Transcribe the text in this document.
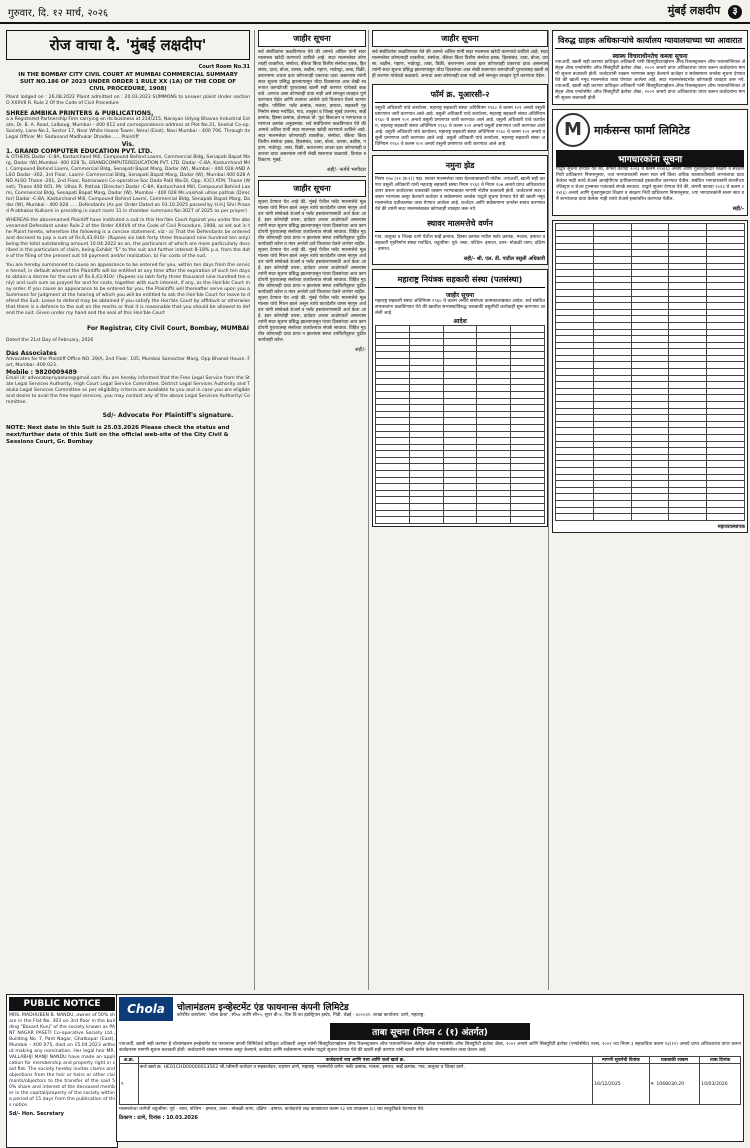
गुरुवार, दि. १२ मार्च, २०२६	मुंबई लक्षदीप ३
रोज वाचा दै. 'मुंबई लक्षदीप'
Court Room No.31
IN THE BOMBAY CITY CIVIL COURT AT MUMBAI COMMERCIAL SUMMARY SUIT NO.186 OF 2023 UNDER ORDER 1 RULE XX (1A) OF THE CODE OF CIVIL PROCEDURE, 1908)
Plaint lodged on : 26.08.2022 Plaint admitted on : 20.03.2023 SUMMONS to answer plaint Under section O XXXVII R. Rule 2 Of the Code of Civil Procedure
SHREE AMBIKA PRINTERS & PUBLICATIONS,
a a Registered Partnership Firm carrying on its business at 214/215, Narayan Udyog Bhavan Industrial Estate, Dr. B. A. Road, Lalbaug, Mumbai – 400 012 and correspondence address at Plot No.31, Snehal Co-op. Society, Lane No.1, Sector 17, Near White House Tower, Nerul (East), Navi Mumbai – 400 706. Through its Legal Officer Mr. Sadanand Madhukar Dhadke ..... Plaintiff
Vis.
1. GRAND COMPUTER EDUCATION PVT. LTD.
& OTHERS Dadar -C-8A, Kasturchand Mill, Compound Behind Laxmi, Commercial Bldg, Senapati Bapat Marg, Dadar (W),Mumbai- 400 028 To, GRANDCOMPUTEREDUCATION PVT. LTD. Dadar -C-8A, Kasturchand Mill, Compound Behind Laxmi, Commercial Bldg, Senapati Bapat Marg, Dadar (W), Mumbai - 400 028 AND ALSO Dadar -302, 3rd Floor, Laxmi- Commercial Bldg, Senapati Bapat Marg, Dadar (W), Mumbai 400 028 AND ALSO Thane -201, 2nd Floor, Ramanwori Co-operative Soc Dada Patil Wa-Di, Opp. ICICI ATM, Thane (West), Thane 400 601. Mr. Ulhas R. Pathak (Director) Dadar -C-8A, Kasturchand Mill, Compound Behind Laxmi, Commercial Bldg, Senapati Bapat Marg, Dadar (W), Mumbai - 400 028 Ms.vaishali ulhas pathak (Director) Dadar -C-8A, Kasturchand Mill, Compound Behind Laxmi, Commercial Bldg, Senapati Bapat Marg, Dadar (W), Mumbai - 400 028 ..... Defendants (As per Order Dated on 03.10.2025 passed by H.H.J Shri Prasad Prabhakar Kulkarni in presiding in court room 31 in chamber summons No:3027 of 2025 as per prayer)
WHEREAS the abovenamed Plaintiff have instituted a suit in this Hon'ble Court Against you under the abovenamed Defendant under Rule 2 of the Order XXXVII of the Code of Civil Procedure, 1908, as set out in the Plaint hereto, wherefore the following is a concise statement, viz:- a) That the Defendants be ordered and decreed to pay a sum of Rs.6,43,910/- (Rupees six lakh forty three thousand nine hundred ten only) being the total outstanding amount 10.04.2022 as on, the particulars of which are more particularly described in the particulars of claim, being Exhibit "E" to the suit and further interest 8-18% p.a. from the date of the filing of the present suit till payment and/or realization. b) For costs of the suit.
You are hereby summoned to cause an appearance to be entered for you, within ten days from the service hereof, in default whereof the Plaintiffs will be entitled at any time after the expiration of such ten days to obtain a decree for the sum of Rs.6,43,910/- (Rupees six lakh forty three thousand nine hundred ten only) and such sum as prayed for and for costs, together with such interest, if any, as the Hon'ble Court may order. If you cause an appearance to be entered for you, the Plaintiffs will thereafter serve upon you a Summons for Judgment at the hearing of which you will be entitled to ask the Hon'ble Court for leave to defend the Suit. Leave to defend may be obtained if you satisfy the Hon'ble Court by affidavit or otherwise that there is a defence to the suit on the merits or that it is reasonable that you should be allowed to defend the suit. Given under my hand and the seal of this Hon'ble Court
For Registrar, City Civil Court, Bombay, MUMBAI
Dated the 21st Day of February, 2026
Das Associates
Advocates for the Plaintiff Office NO. 29/A, 2nd Floor, 105, Mumbai Samachar Marg, Opp Bhanat House, Fort, Mumbai -400 023.
Mobile : 9820009489
Email id: advocatepriyaelure@gmail.com You are hereby informed that the Free Legal Service from the State Legal Services Authority, High Court Legal Service Committee, District Legal Services Authority and Taluka Legal Services Committee as per eligibility criteria are available to you and in case you are eligible and desire to avail the free legal services, you may contact any of the above Legal Services Authority/ Committee.
Sd/- Advocate For Plaintiff's signature.
NOTE: Next date in this Suit is 25.03.2026 Please check the status and next/further date of this Suit on the official web-site of the City Civil & Sessions Court, Gr. Bombay
जाहीर सूचना
सर्व संबंधितांना कळविण्यात येते की आमचे अशिल यांनी सदर मालमत्ता खरेदी करण्याचे ठरविले आहे. सदर मालमत्तेवर कोणत्याही व्यक्तीचा, संस्थेचा, बँकेचा किंवा वित्तीय संस्थेचा हक्क, हितसंबंध, दावा, बोजा, वारसा, बक्षीस, गहाण, भाडेपट्टा, ताबा, विक्री, करारनामा अथवा इतर कोणत्याही प्रकारचा दावा असल्यास त्यांनी सदर सूचना प्रसिद्ध झाल्यापासून चौदा दिवसांच्या आत लेखी स्वरूपात कागदोपत्री पुराव्यासह खाली सही करणार यांचेकडे कळवावे. अन्यथा असा कोणताही दावा नाही असे समजून व्यवहार पूर्ण करण्यात येईल आणि त्यानंतर आलेले दावे विचारात घेतले जाणार नाहीत. परिशिष्ट: फ्लॅट क्रमांक, मजला, इमारत, सहकारी गृहनिर्माण संस्था मर्यादित, गाव, तालुका व जिल्हा मुंबई उपनगर, सर्व्हे क्रमांक, हिस्सा क्रमांक, क्षेत्रफळ चौ. फूट बिल्टअप व भागधारक प्रमाणपत्र क्रमांक अनुक्रमांक. सर्व संबंधितांना कळविण्यात येते की आमचे अशिल यांनी सदर मालमत्ता खरेदी करण्याचे ठरविले आहे. सदर मालमत्तेवर कोणत्याही व्यक्तीचा, संस्थेचा, बँकेचा किंवा वित्तीय संस्थेचा हक्क, हितसंबंध, दावा, बोजा, वारसा, बक्षीस, गहाण, भाडेपट्टा, ताबा, विक्री, करारनामा अथवा इतर कोणत्याही प्रकारचा दावा असल्यास त्यांनी लेखी स्वरूपात कळवावे. दिनांक व ठिकाण: मुंबई.
सही/- फर्मचे भागीदार
जाहीर सूचना
सूचना देण्यात येत आहे की, मुंबई येथील फ्लॅट मालमत्तेचे मूळ मालक यांचे निधन झाले असून त्यांचे कायदेशीर वारस म्हणून अर्जदार यांनी संस्थेकडे शेअर्स व फ्लॅट हस्तांतरणासाठी अर्ज केला आहे. इतर कोणतेही वारस, दावेदार अथवा आक्षेपकर्ते असल्यास त्यांनी सदर सूचना प्रसिद्ध झाल्यापासून पंधरा दिवसांच्या आत कागदोपत्री पुराव्यासह संस्थेच्या कार्यालयात संपर्क साधावा. विहित मुदतीत कोणताही दावा प्राप्त न झाल्यास संस्था उपविधीनुसार पुढील कार्यवाही करेल व नंतर आलेले दावे विचारात घेतले जाणार नाहीत. सूचना देण्यात येत आहे की, मुंबई येथील फ्लॅट मालमत्तेचे मूळ मालक यांचे निधन झाले असून त्यांचे कायदेशीर वारस म्हणून अर्जदार यांनी संस्थेकडे शेअर्स व फ्लॅट हस्तांतरणासाठी अर्ज केला आहे. इतर कोणतेही वारस, दावेदार अथवा आक्षेपकर्ते असल्यास त्यांनी सदर सूचना प्रसिद्ध झाल्यापासून पंधरा दिवसांच्या आत कागदोपत्री पुराव्यासह संस्थेच्या कार्यालयात संपर्क साधावा. विहित मुदतीत कोणताही दावा प्राप्त न झाल्यास संस्था उपविधीनुसार पुढील कार्यवाही करेल व नंतर आलेले दावे विचारात घेतले जाणार नाहीत. सूचना देण्यात येत आहे की, मुंबई येथील फ्लॅट मालमत्तेचे मूळ मालक यांचे निधन झाले असून त्यांचे कायदेशीर वारस म्हणून अर्जदार यांनी संस्थेकडे शेअर्स व फ्लॅट हस्तांतरणासाठी अर्ज केला आहे. इतर कोणतेही वारस, दावेदार अथवा आक्षेपकर्ते असल्यास त्यांनी सदर सूचना प्रसिद्ध झाल्यापासून पंधरा दिवसांच्या आत कागदोपत्री पुराव्यासह संस्थेच्या कार्यालयात संपर्क साधावा. विहित मुदतीत कोणताही दावा प्राप्त न झाल्यास संस्था उपविधीनुसार पुढील कार्यवाही करेल.
सही/-
जाहीर सूचना
सर्व संबंधितांना कळविण्यात येते की आमचे अशिल यांनी सदर मालमत्ता खरेदी करण्याचे ठरविले आहे. सदर मालमत्तेवर कोणत्याही व्यक्तीचा, संस्थेचा, बँकेचा किंवा वित्तीय संस्थेचा हक्क, हितसंबंध, दावा, बोजा, वारसा, बक्षीस, गहाण, भाडेपट्टा, ताबा, विक्री, करारनामा अथवा इतर कोणत्याही प्रकारचा दावा असल्यास त्यांनी सदर सूचना प्रसिद्ध झाल्यापासून चौदा दिवसांच्या आत लेखी स्वरूपात कागदोपत्री पुराव्यासह खाली सही करणार यांचेकडे कळवावे. अन्यथा असा कोणताही दावा नाही असे समजून व्यवहार पूर्ण करण्यात येईल.
फॉर्म क्र. यूआरसी-२
वसुली अधिकारी यांचे कार्यालय, महाराष्ट्र सहकारी संस्था अधिनियम १९६० चे कलम १०१ अन्वये वसुली प्रमाणपत्र जारी करण्यात आले आहे. वसुली अधिकारी यांचे कार्यालय, महाराष्ट्र सहकारी संस्था अधिनियम १९६० चे कलम १०१ अन्वये वसुली प्रमाणपत्र जारी करण्यात आले आहे. वसुली अधिकारी यांचे कार्यालय, महाराष्ट्र सहकारी संस्था अधिनियम १९६० चे कलम १०१ अन्वये वसुली प्रमाणपत्र जारी करण्यात आले आहे. वसुली अधिकारी यांचे कार्यालय, महाराष्ट्र सहकारी संस्था अधिनियम १९६० चे कलम १०१ अन्वये वसुली प्रमाणपत्र जारी करण्यात आले आहे. वसुली अधिकारी यांचे कार्यालय, महाराष्ट्र सहकारी संस्था अधिनियम १९६० चे कलम १०१ अन्वये वसुली प्रमाणपत्र जारी करण्यात आले आहे.
नमुना झेड
नियम १०७ (११ (ड-१)) पहा. स्थावर मालमत्तेचा ताबा घेतल्याबाबतची नोटीस. ज्याअर्थी, खाली सही करणार वसुली अधिकारी यांनी महाराष्ट्र सहकारी संस्था नियम १९६१ चे नियम १०७ अन्वये प्राप्त अधिकारांचा वापर करून कर्जदारास थकबाकी रक्कम भरण्याबाबत मागणी नोटीस बजावली होती. कर्जदाराने सदर रक्कम भरण्यास कसूर केल्याने कर्जदार व सर्वसामान्य जनतेस याद्वारे सूचना देण्यात येते की खाली नमूद मालमत्तेचा प्रतीकात्मक ताबा घेण्यात आलेला आहे. कर्जदार आणि सर्वसामान्य जनतेस सावध करण्यात येते की त्यांनी सदर मालमत्तेबाबत कोणताही व्यवहार करू नये.
स्थावर मालमत्तेचे वर्णन
गाव, तालुका व जिल्हा ठाणे येथील सर्व्हे क्रमांक, हिस्सा क्रमांक मधील फ्लॅट क्रमांक, मजला, इमारत व सहकारी गृहनिर्माण संस्था मर्यादित, चतुःसीमा: पूर्व- रस्ता, पश्चिम- इमारत, उत्तर- मोकळी जागा, दक्षिण- इमारत.
सही/- श्री. एल. डी. पाटील वसुली अधिकारी
महाराष्ट्र नियंत्रक सहकारी संस्था (पतसंस्था)
जाहीर सूचना
महाराष्ट्र सहकारी संस्था अधिनियम १९६० चे कलम अन्वये संस्थेच्या कामकाजाबाबत आदेश. सर्व संबंधित सभासदांना कळविण्यात येते की खालील सभासदांविरुद्ध थकबाकी वसुलीची कार्यवाही सुरू करण्यात आलेली आहे.
आदेश

विरुद्ध ग्राहक अधिकाऱ्यांचे कार्यालय ग्यायालयाच्या च्या आवारात
स्वास्थ विचाराधीनतेच कब्जा सूचना
ज्याअर्थी, खाली सही करणार प्राधिकृत अधिकारी यांनी सिक्युरिटायझेशन ॲण्ड रिकन्स्ट्रक्शन ऑफ फायनान्शियल ॲसेट्स ॲण्ड एन्फोर्समेंट ऑफ सिक्युरिटी इंटरेस्ट ॲक्ट, २००२ अन्वये प्राप्त अधिकारांचा वापर करून कर्जदारांना मागणी सूचना बजावली होती. कर्जदारांनी रक्कम भरण्यास कसूर केल्याने कर्जदार व सर्वसामान्य जनतेस सूचना देण्यात येते की खाली नमूद मालमत्तेचा ताबा घेण्यात आलेला आहे. सदर मालमत्तेसंदर्भात कोणताही व्यवहार करू नये. ज्याअर्थी, खाली सही करणार प्राधिकृत अधिकारी यांनी सिक्युरिटायझेशन ॲण्ड रिकन्स्ट्रक्शन ऑफ फायनान्शियल ॲसेट्स ॲण्ड एन्फोर्समेंट ऑफ सिक्युरिटी इंटरेस्ट ॲक्ट, २००२ अन्वये प्राप्त अधिकारांचा वापर करून कर्जदारांना मागणी सूचना बजावली होती.
M	मार्कसन्स फार्मा लिमिटेड
भागधारकांना सूचना
याद्वारे सूचना देण्यात येते की, कंपनी कायदा २०१३ चे कलम १२४(६) अन्वये आणि गुंतवणूकदार शिक्षण व संरक्षण निधी प्राधिकरण नियमानुसार, ज्या भागधारकांनी सलग सात वर्षे किंवा अधिक कालावधीसाठी लाभांशाचा दावा केलेला नाही त्यांचे शेअर्स आयईपीएफ प्राधिकरणाकडे हस्तांतरित करण्यात येतील. संबंधित भागधारकांनी कंपनीच्या रजिस्ट्रार व शेअर ट्रान्सफर एजंटकडे संपर्क साधावा. याद्वारे सूचना देण्यात येते की, कंपनी कायदा २०१३ चे कलम १२४(६) अन्वये आणि गुंतवणूकदार शिक्षण व संरक्षण निधी प्राधिकरण नियमानुसार, ज्या भागधारकांनी सलग सात वर्षे लाभांशाचा दावा केलेला नाही त्यांचे शेअर्स हस्तांतरित करण्यात येतील.
सही/-

महाव्यवस्थापक
PUBLIC NOTICE
MRS. MADHUBEN B. NANDU, owner of 50% share in the Flat No. 303 on 3rd floor in the building "Basant Kunj" of the society known as PANT NAGAR PASETI Co-operative Society Ltd., Building No. 7, Pant Nagar, Ghatkopar (East), Mumbai – 400 075, died on 15.04.2023 without making any nomination. Her legal heir MR. VALLABHJI MANJI NANDU have made an application for membership and property right in said flat. The society hereby invites claims and objections from the heir or heirs or other claimants/objectors to the transfer of the said 50% share and interest of the deceased member in the capital/property of the society within a period of 15 days from the publication of this notice.
Sd/- Hon. Secretary
Chola	चोलामंडलम इन्व्हेस्टमेंट एंड फायनान्स कंपनी लिमिटेड
कॉर्पोरेट कार्यालय: 'चोला क्रेस्ट', सी५४ आणि सी५५, सुपर बी-४, थिरु वि का इंडस्ट्रियल इस्टेट, गिंडी, चेन्नई - ६०००३२. शाखा कार्यालय: ठाणे, महाराष्ट्र.
ताबा सूचना (नियम ८ (१) अंतर्गत)
ज्याअर्थी, खाली सही करणार हे चोलामंडलम इन्व्हेस्टमेंट एंड फायनान्स कंपनी लिमिटेडचे प्राधिकृत अधिकारी असून त्यांनी सिक्युरिटायझेशन ॲण्ड रिकन्स्ट्रक्शन ऑफ फायनान्शियल ॲसेट्स ॲण्ड एन्फोर्समेंट ऑफ सिक्युरिटी इंटरेस्ट ॲक्ट, २००२ अन्वये आणि सिक्युरिटी इंटरेस्ट (एन्फोर्समेंट) रुल्स, २००२ च्या नियम ३ सहवाचिता कलम १३(१२) अन्वये प्राप्त अधिकारांचा वापर करून कर्जदारांना मागणी सूचना बजावली होती. कर्जदारांनी रक्कम भरण्यास कसूर केल्याने, कर्जदार आणि सर्वसामान्य जनतेस याद्वारे सूचना देण्यात येते की खाली सही करणार यांनी खाली वर्णन केलेल्या मालमत्तेचा ताबा घेतला आहे.
अ.क्र.	कर्जदाराचे नाव आणि पत्ता आणि कर्ज खाते क्र.	मागणी सूचनेची दिनांक	थकबाकी रक्कम	ताबा दिनांक
१	कर्ज खाते क्र. HE01CHD00000013562 श्री./श्रीमती कर्जदार व सहकर्जदार, राहणार ठाणे, महाराष्ट्र. मालमत्तेचे वर्णन: फ्लॅट क्रमांक, मजला, इमारत, सर्व्हे क्रमांक, गाव, तालुका व जिल्हा ठाणे.	16/12/2025	रु. 1068030.20	10/03/2026
मालमत्तेच्या जागेची चतुःसीमा: पूर्व - रस्ता, पश्चिम - इमारत, उत्तर - मोकळी जागा, दक्षिण - इमारत. कर्जदारांचे लक्ष कायद्याच्या कलम १३ च्या उपकलम (८) च्या तरतुदींकडे वेधण्यात येते.
ठिकाण : ठाणे, दिनांक : 10.03.2026
